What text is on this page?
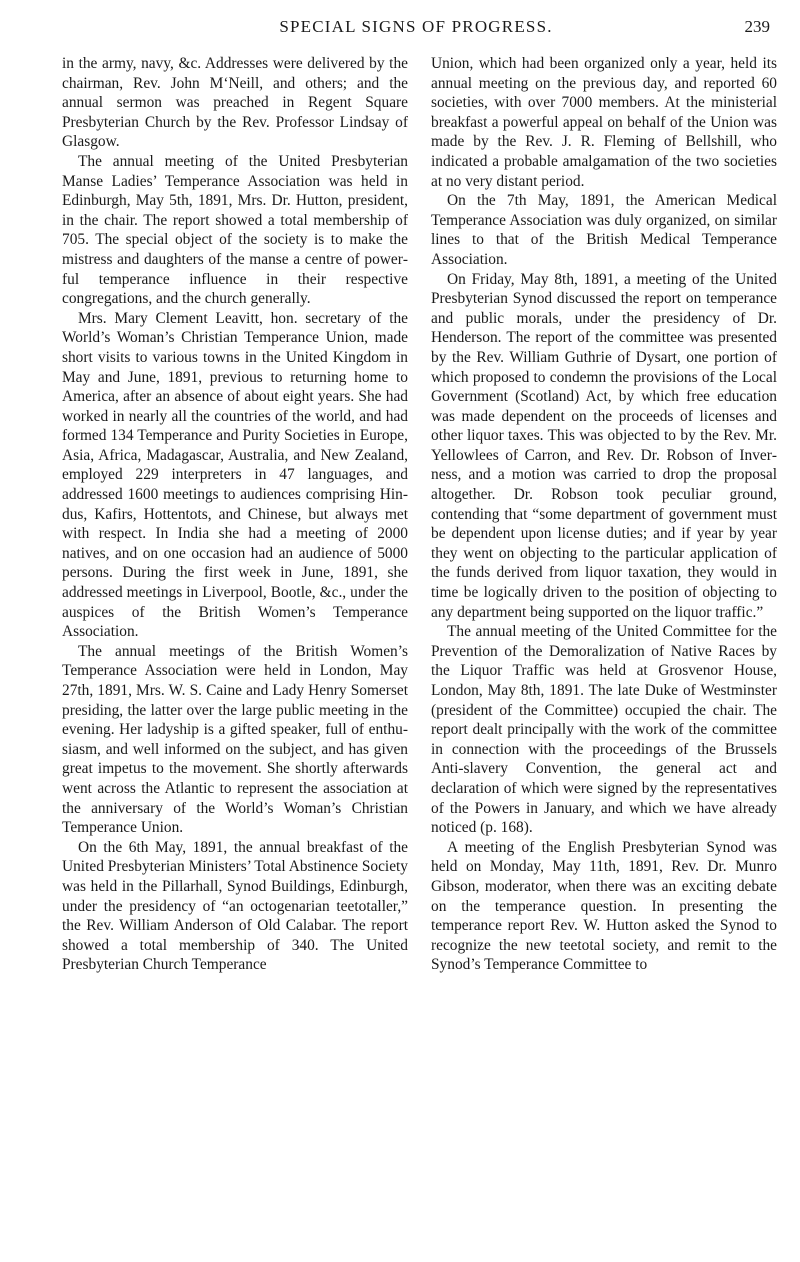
SPECIAL SIGNS OF PROGRESS.	239

in the army, navy, &c. Addresses were delivered by the chairman, Rev. John M‘Neill, and others; and the annual sermon was preached in Regent Square Presbyterian Church by the Rev. Professor Lindsay of Glasgow.

The annual meeting of the United Presbyterian Manse Ladies’ Temperance Association was held in Edinburgh, May 5th, 1891, Mrs. Dr. Hutton, president, in the chair. The report showed a total membership of 705. The special object of the society is to make the mistress and daughters of the manse a centre of powerful temperance influence in their respective congregations, and the church generally.

Mrs. Mary Clement Leavitt, hon. secretary of the World’s Woman’s Christian Temperance Union, made short visits to various towns in the United Kingdom in May and June, 1891, previous to returning home to America, after an absence of about eight years. She had worked in nearly all the countries of the world, and had formed 134 Temperance and Purity Societies in Europe, Asia, Africa, Madagascar, Australia, and New Zealand, employed 229 interpreters in 47 languages, and addressed 1600 meetings to audiences comprising Hindus, Kafirs, Hottentots, and Chinese, but always met with respect. In India she had a meeting of 2000 natives, and on one occasion had an audience of 5000 persons. During the first week in June, 1891, she addressed meetings in Liverpool, Bootle, &c., under the auspices of the British Women’s Temperance Association.

The annual meetings of the British Women’s Temperance Association were held in London, May 27th, 1891, Mrs. W. S. Caine and Lady Henry Somerset presiding, the latter over the large public meeting in the evening. Her ladyship is a gifted speaker, full of enthusiasm, and well informed on the subject, and has given great impetus to the movement. She shortly afterwards went across the Atlantic to represent the association at the anniversary of the World’s Woman’s Christian Temperance Union.

On the 6th May, 1891, the annual breakfast of the United Presbyterian Ministers’ Total Abstinence Society was held in the Pillarhall, Synod Buildings, Edinburgh, under the presidency of “an octogenarian teetotaller,” the Rev. William Anderson of Old Calabar. The report showed a total membership of 340. The United Presbyterian Church Temperance

Union, which had been organized only a year, held its annual meeting on the previous day, and reported 60 societies, with over 7000 members. At the ministerial breakfast a powerful appeal on behalf of the Union was made by the Rev. J. R. Fleming of Bellshill, who indicated a probable amalgamation of the two societies at no very distant period.

On the 7th May, 1891, the American Medical Temperance Association was duly organized, on similar lines to that of the British Medical Temperance Association.

On Friday, May 8th, 1891, a meeting of the United Presbyterian Synod discussed the report on temperance and public morals, under the presidency of Dr. Henderson. The report of the committee was presented by the Rev. William Guthrie of Dysart, one portion of which proposed to condemn the provisions of the Local Government (Scotland) Act, by which free education was made dependent on the proceeds of licenses and other liquor taxes. This was objected to by the Rev. Mr. Yellowlees of Carron, and Rev. Dr. Robson of Inverness, and a motion was carried to drop the proposal altogether. Dr. Robson took peculiar ground, contending that “some department of government must be dependent upon license duties; and if year by year they went on objecting to the particular application of the funds derived from liquor taxation, they would in time be logically driven to the position of objecting to any department being supported on the liquor traffic.”

The annual meeting of the United Committee for the Prevention of the Demoralization of Native Races by the Liquor Traffic was held at Grosvenor House, London, May 8th, 1891. The late Duke of Westminster (president of the Committee) occupied the chair. The report dealt principally with the work of the committee in connection with the proceedings of the Brussels Anti-slavery Convention, the general act and declaration of which were signed by the representatives of the Powers in January, and which we have already noticed (p. 168).

A meeting of the English Presbyterian Synod was held on Monday, May 11th, 1891, Rev. Dr. Munro Gibson, moderator, when there was an exciting debate on the temperance question. In presenting the temperance report Rev. W. Hutton asked the Synod to recognize the new teetotal society, and remit to the Synod’s Temperance Committee to
